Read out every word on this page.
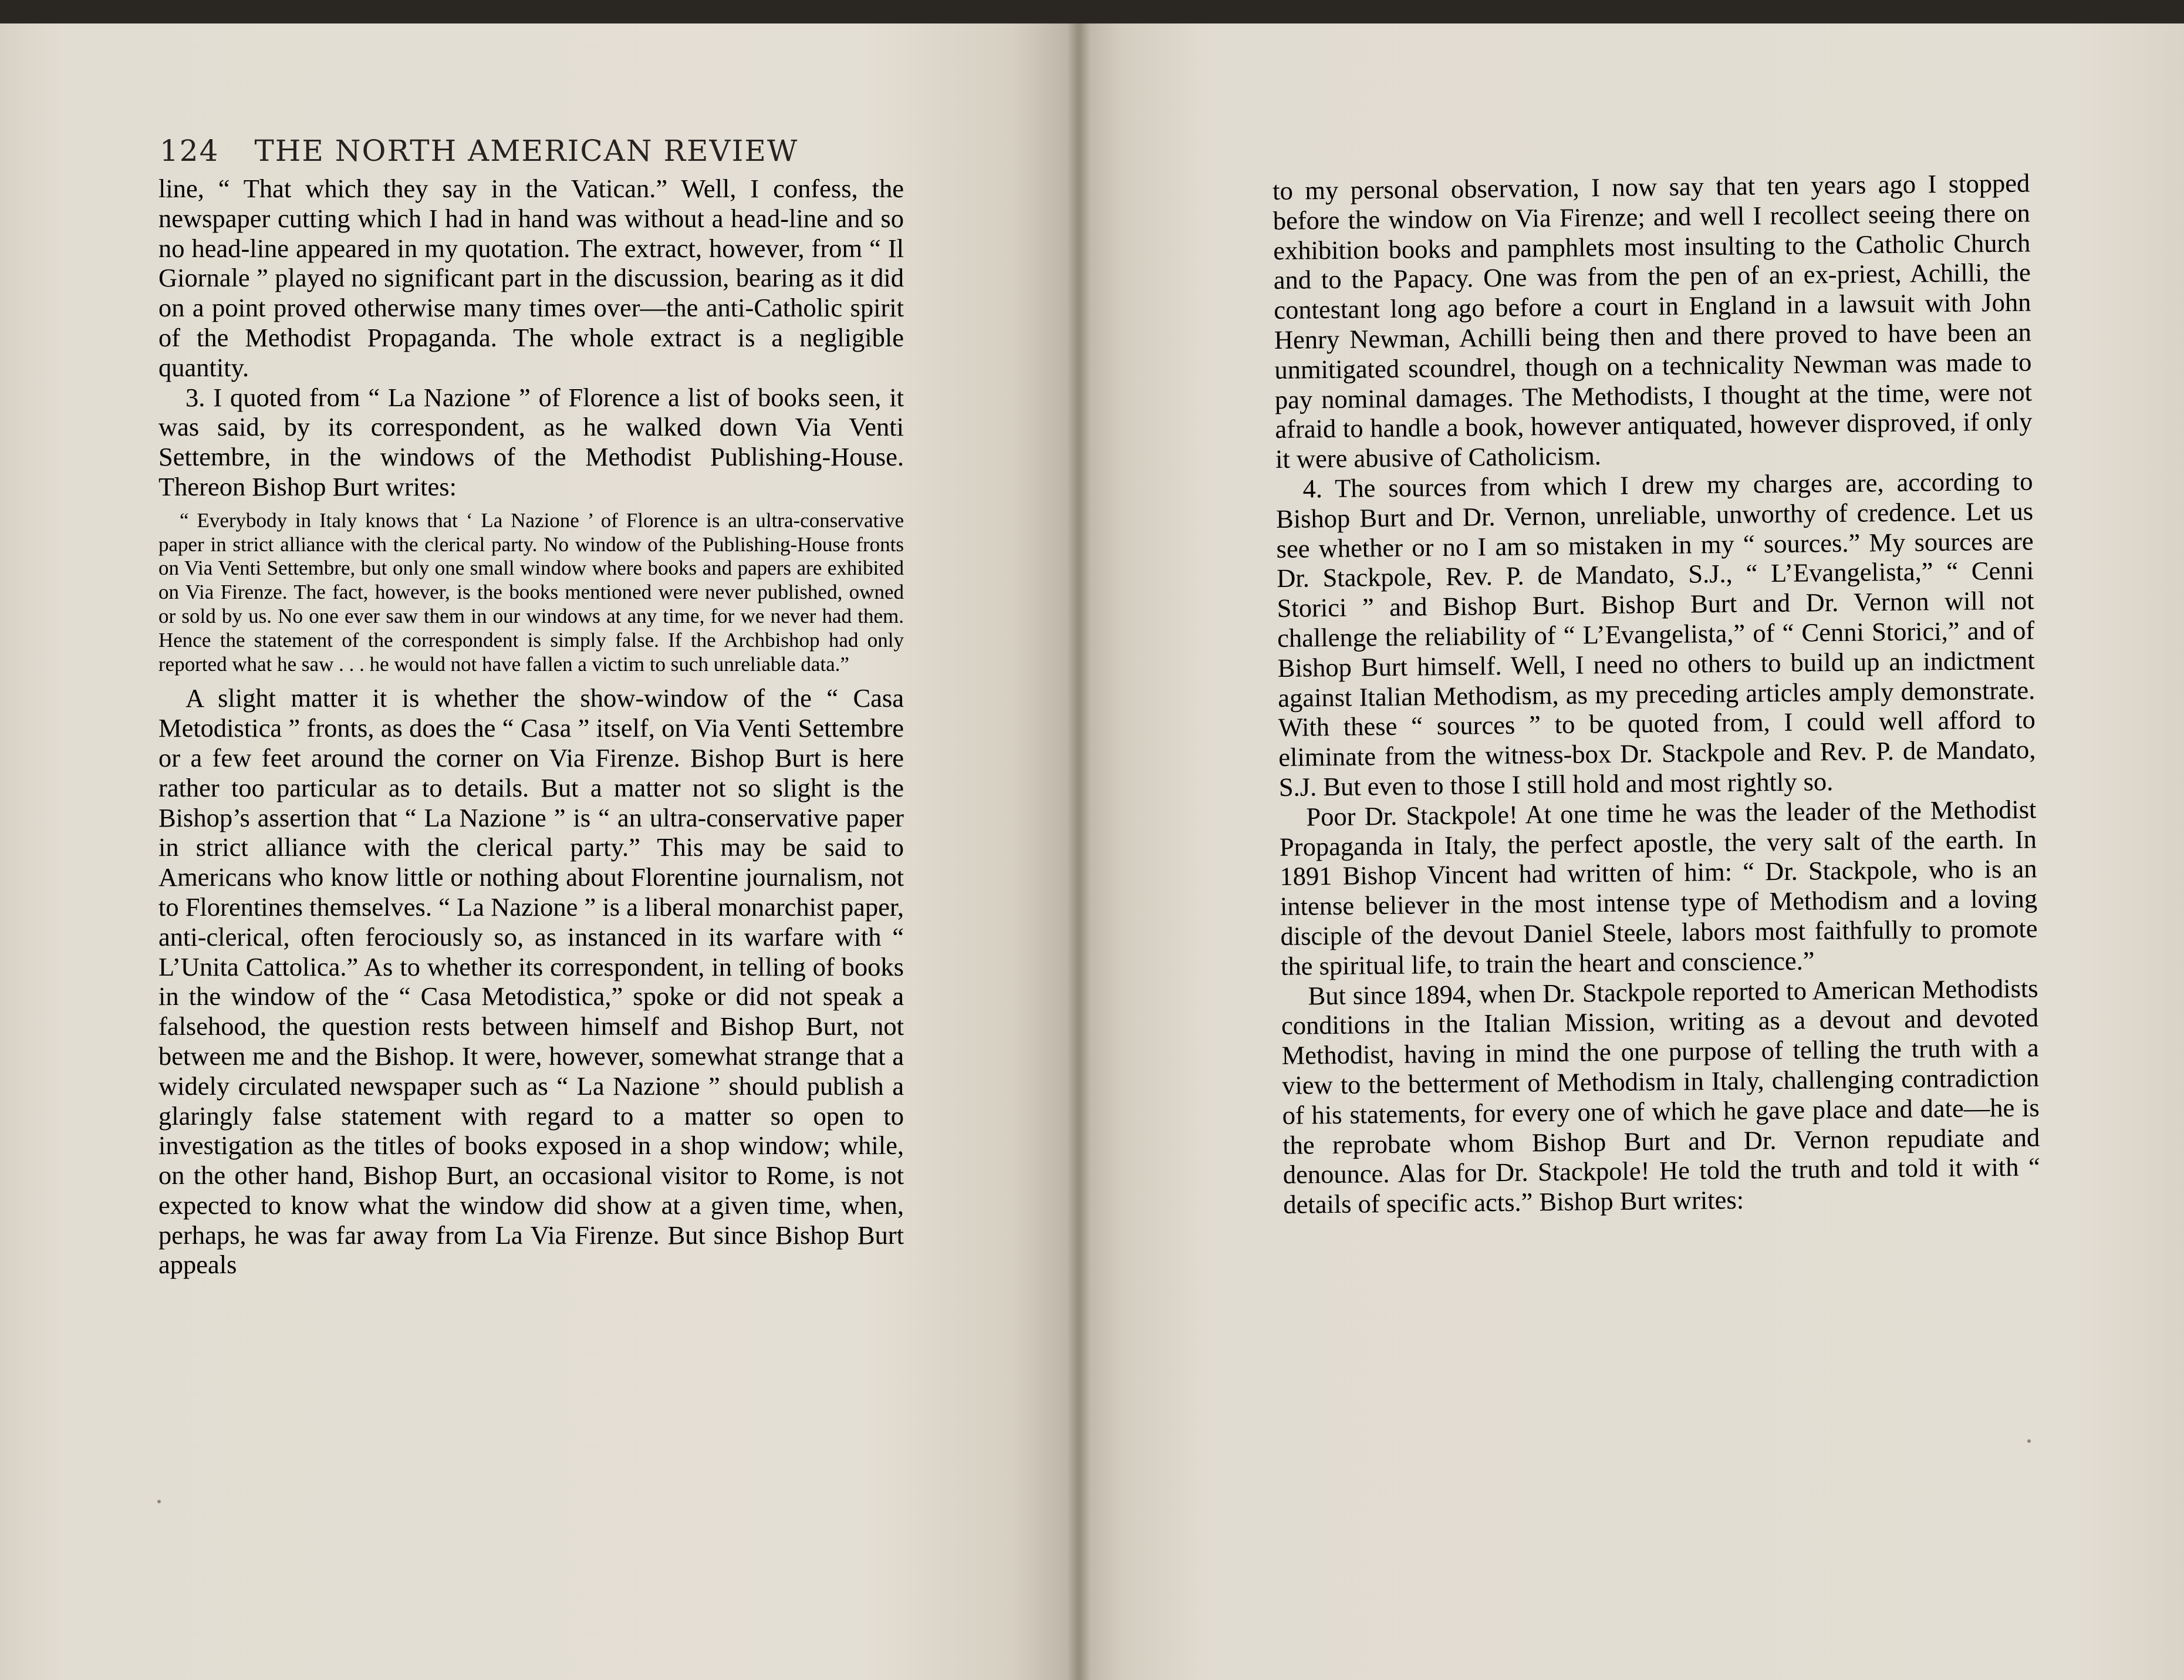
124 THE NORTH AMERICAN REVIEW

line, “ That which they say in the Vatican.” Well, I confess, the newspaper cutting which I had in hand was without a head-line and so no head-line appeared in my quotation. The extract, however, from “ Il Giornale ” played no significant part in the discussion, bearing as it did on a point proved otherwise many times over—the anti-Catholic spirit of the Methodist Propaganda. The whole extract is a negligible quantity.

3. I quoted from “ La Nazione ” of Florence a list of books seen, it was said, by its correspondent, as he walked down Via Venti Settembre, in the windows of the Methodist Publishing-House. Thereon Bishop Burt writes:

“ Everybody in Italy knows that ‘ La Nazione ’ of Florence is an ultra-conservative paper in strict alliance with the clerical party. No window of the Publishing-House fronts on Via Venti Settembre, but only one small window where books and papers are exhibited on Via Firenze. The fact, however, is the books mentioned were never published, owned or sold by us. No one ever saw them in our windows at any time, for we never had them. Hence the statement of the correspondent is simply false. If the Archbishop had only reported what he saw . . . he would not have fallen a victim to such unreliable data.”

A slight matter it is whether the show-window of the “ Casa Metodistica ” fronts, as does the “ Casa ” itself, on Via Venti Settembre or a few feet around the corner on Via Firenze. Bishop Burt is here rather too particular as to details. But a matter not so slight is the Bishop’s assertion that “ La Nazione ” is “ an ultra-conservative paper in strict alliance with the clerical party.” This may be said to Americans who know little or nothing about Florentine journalism, not to Florentines themselves. “ La Nazione ” is a liberal monarchist paper, anti-clerical, often ferociously so, as instanced in its warfare with “ L’Unita Cattolica.” As to whether its correspondent, in telling of books in the window of the “ Casa Metodistica,” spoke or did not speak a falsehood, the question rests between himself and Bishop Burt, not between me and the Bishop. It were, however, somewhat strange that a widely circulated newspaper such as “ La Nazione ” should publish a glaringly false statement with regard to a matter so open to investigation as the titles of books exposed in a shop window; while, on the other hand, Bishop Burt, an occasional visitor to Rome, is not expected to know what the window did show at a given time, when, perhaps, he was far away from La Via Firenze. But since Bishop Burt appeals

to my personal observation, I now say that ten years ago I stopped before the window on Via Firenze; and well I recollect seeing there on exhibition books and pamphlets most insulting to the Catholic Church and to the Papacy. One was from the pen of an ex-priest, Achilli, the contestant long ago before a court in England in a lawsuit with John Henry Newman, Achilli being then and there proved to have been an unmitigated scoundrel, though on a technicality Newman was made to pay nominal damages. The Methodists, I thought at the time, were not afraid to handle a book, however antiquated, however disproved, if only it were abusive of Catholicism.

4. The sources from which I drew my charges are, according to Bishop Burt and Dr. Vernon, unreliable, unworthy of credence. Let us see whether or no I am so mistaken in my “ sources.” My sources are Dr. Stackpole, Rev. P. de Mandato, S.J., “ L’Evangelista,” “ Cenni Storici ” and Bishop Burt. Bishop Burt and Dr. Vernon will not challenge the reliability of “ L’Evangelista,” of “ Cenni Storici,” and of Bishop Burt himself. Well, I need no others to build up an indictment against Italian Methodism, as my preceding articles amply demonstrate. With these “ sources ” to be quoted from, I could well afford to eliminate from the witness-box Dr. Stackpole and Rev. P. de Mandato, S.J. But even to those I still hold and most rightly so.

Poor Dr. Stackpole! At one time he was the leader of the Methodist Propaganda in Italy, the perfect apostle, the very salt of the earth. In 1891 Bishop Vincent had written of him: “ Dr. Stackpole, who is an intense believer in the most intense type of Methodism and a loving disciple of the devout Daniel Steele, labors most faithfully to promote the spiritual life, to train the heart and conscience.”

But since 1894, when Dr. Stackpole reported to American Methodists conditions in the Italian Mission, writing as a devout and devoted Methodist, having in mind the one purpose of telling the truth with a view to the betterment of Methodism in Italy, challenging contradiction of his statements, for every one of which he gave place and date—he is the reprobate whom Bishop Burt and Dr. Vernon repudiate and denounce. Alas for Dr. Stackpole! He told the truth and told it with “ details of specific acts.” Bishop Burt writes:
